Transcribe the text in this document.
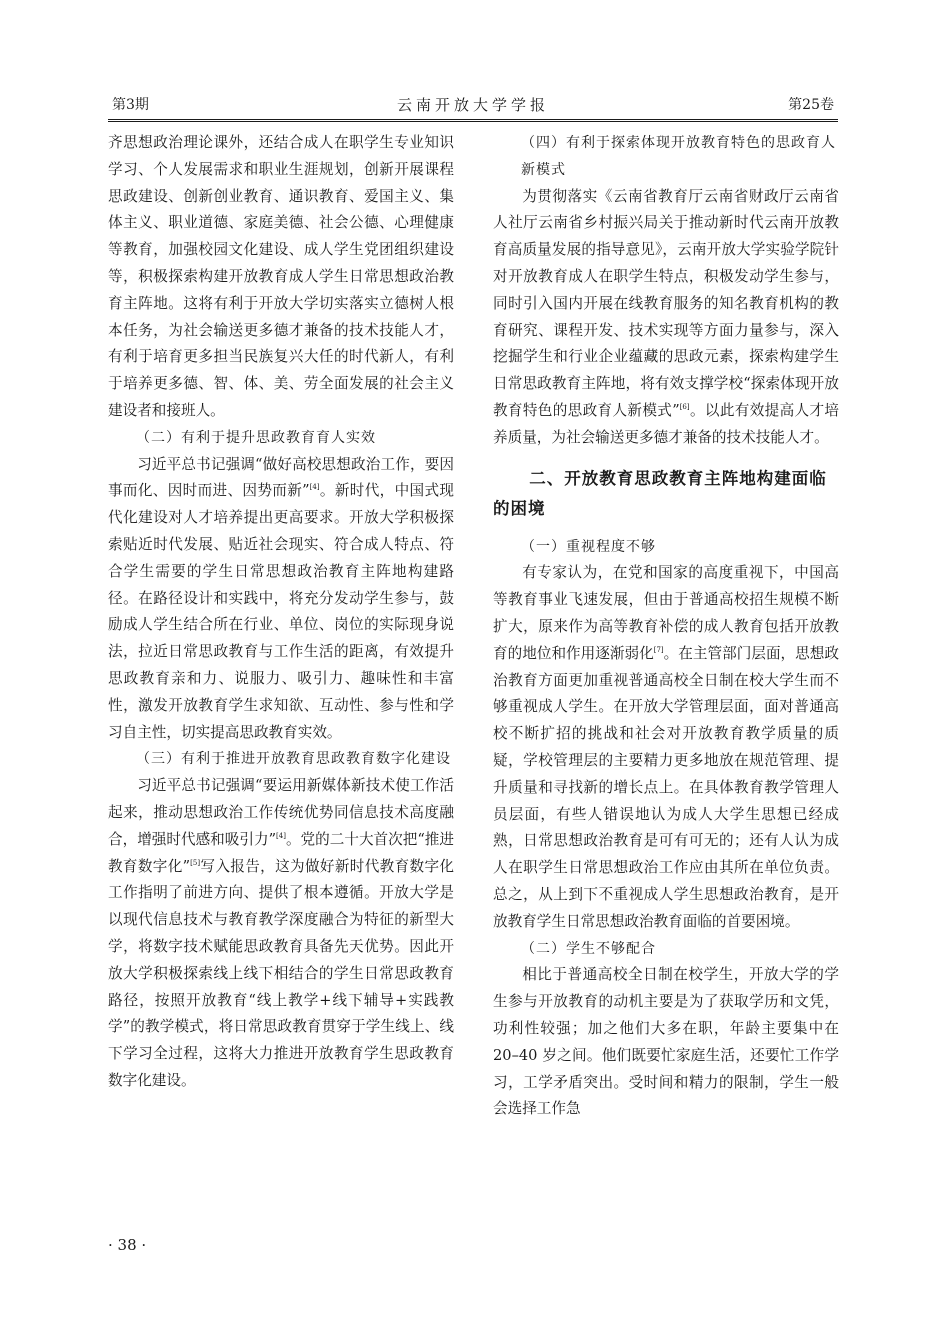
第3期	云南开放大学学报	第25卷

齐思想政治理论课外，还结合成人在职学生专业知识学习、个人发展需求和职业生涯规划，创新开展课程思政建设、创新创业教育、通识教育、爱国主义、集体主义、职业道德、家庭美德、社会公德、心理健康等教育，加强校园文化建设、成人学生党团组织建设等，积极探索构建开放教育成人学生日常思想政治教育主阵地。这将有利于开放大学切实落实立德树人根本任务，为社会输送更多德才兼备的技术技能人才，有利于培育更多担当民族复兴大任的时代新人，有利于培养更多德、智、体、美、劳全面发展的社会主义建设者和接班人。

（二）有利于提升思政教育育人实效

习近平总书记强调“做好高校思想政治工作，要因事而化、因时而进、因势而新”[4]。新时代，中国式现代化建设对人才培养提出更高要求。开放大学积极探索贴近时代发展、贴近社会现实、符合成人特点、符合学生需要的学生日常思想政治教育主阵地构建路径。在路径设计和实践中，将充分发动学生参与，鼓励成人学生结合所在行业、单位、岗位的实际现身说法，拉近日常思政教育与工作生活的距离，有效提升思政教育亲和力、说服力、吸引力、趣味性和丰富性，激发开放教育学生求知欲、互动性、参与性和学习自主性，切实提高思政教育实效。

（三）有利于推进开放教育思政教育数字化建设

习近平总书记强调“要运用新媒体新技术使工作活起来，推动思想政治工作传统优势同信息技术高度融合，增强时代感和吸引力”[4]。党的二十大首次把“推进教育数字化”[5]写入报告，这为做好新时代教育数字化工作指明了前进方向、提供了根本遵循。开放大学是以现代信息技术与教育教学深度融合为特征的新型大学，将数字技术赋能思政教育具备先天优势。因此开放大学积极探索线上线下相结合的学生日常思政教育路径，按照开放教育“线上教学+线下辅导+实践教学”的教学模式，将日常思政教育贯穿于学生线上、线下学习全过程，这将大力推进开放教育学生思政教育数字化建设。

（四）有利于探索体现开放教育特色的思政育人新模式

为贯彻落实《云南省教育厅云南省财政厅云南省人社厅云南省乡村振兴局关于推动新时代云南开放教育高质量发展的指导意见》，云南开放大学实验学院针对开放教育成人在职学生特点，积极发动学生参与，同时引入国内开展在线教育服务的知名教育机构的教育研究、课程开发、技术实现等方面力量参与，深入挖掘学生和行业企业蕴藏的思政元素，探索构建学生日常思政教育主阵地，将有效支撑学校“探索体现开放教育特色的思政育人新模式”[6]。以此有效提高人才培养质量，为社会输送更多德才兼备的技术技能人才。

二、开放教育思政教育主阵地构建面临的困境
（一）重视程度不够

有专家认为，在党和国家的高度重视下，中国高等教育事业飞速发展，但由于普通高校招生规模不断扩大，原来作为高等教育补偿的成人教育包括开放教育的地位和作用逐渐弱化[7]。在主管部门层面，思想政治教育方面更加重视普通高校全日制在校大学生而不够重视成人学生。在开放大学管理层面，面对普通高校不断扩招的挑战和社会对开放教育教学质量的质疑，学校管理层的主要精力更多地放在规范管理、提升质量和寻找新的增长点上。在具体教育教学管理人员层面，有些人错误地认为成人大学生思想已经成熟，日常思想政治教育是可有可无的；还有人认为成人在职学生日常思想政治工作应由其所在单位负责。总之，从上到下不重视成人学生思想政治教育，是开放教育学生日常思想政治教育面临的首要困境。

（二）学生不够配合

相比于普通高校全日制在校学生，开放大学的学生参与开放教育的动机主要是为了获取学历和文凭，功利性较强；加之他们大多在职，年龄主要集中在 20–40 岁之间。他们既要忙家庭生活，还要忙工作学习，工学矛盾突出。受时间和精力的限制，学生一般会选择工作急

· 38 ·
